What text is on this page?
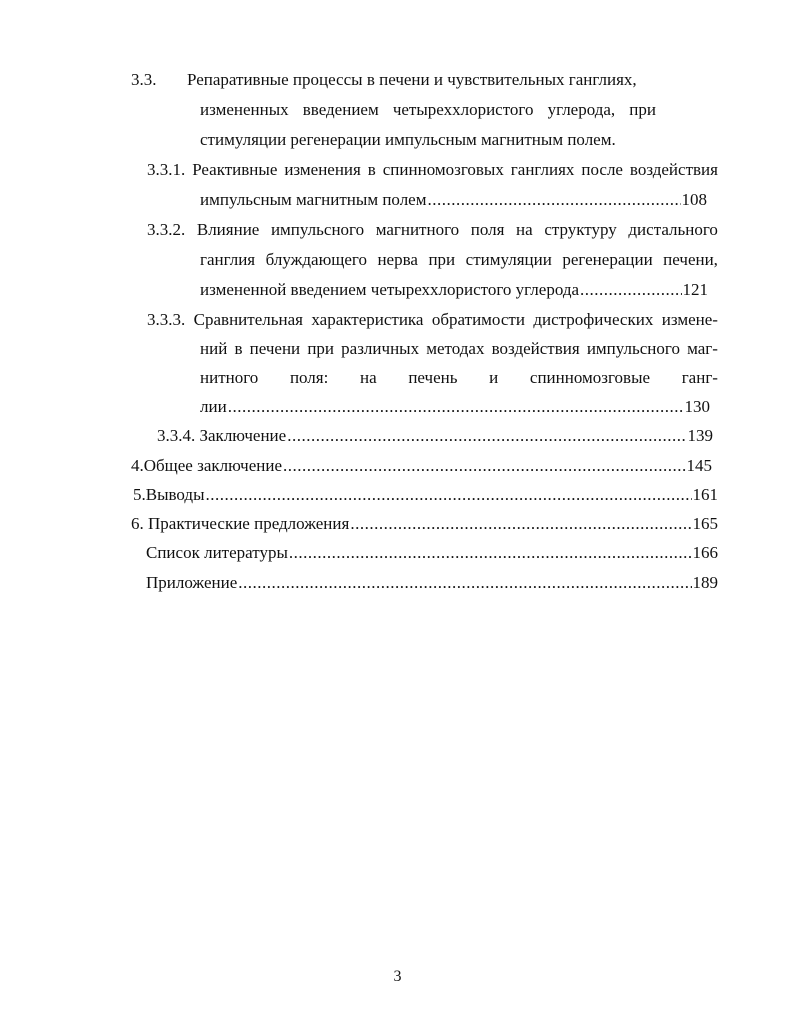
3.3. Репаративные процессы в печени и чувствительных ганглиях,
измененных введением четыреххлористого углерода, при
стимуляции регенерации импульсным магнитным полем.
3.3.1. Реактивные изменения в спинномозговых ганглиях после воздействия
импульсным магнитным полем .....	108
3.3.2. Влияние импульсного магнитного поля на структуру дистального
ганглия блуждающего нерва при стимуляции регенерации печени,
измененной введением четыреххлористого углерода .....	121
3.3.3. Сравнительная характеристика обратимости дистрофических измене-
ний в печени при различных методах воздействия импульсного маг-
нитного поля: на печень и спинномозговые ганг-
лии .....	130
3.3.4. Заключение .....	139
4.Общее заключение .....	145
5.Выводы .....	161
6. Практические предложения .....	165
Список литературы .....	166
Приложение .....	189
3
